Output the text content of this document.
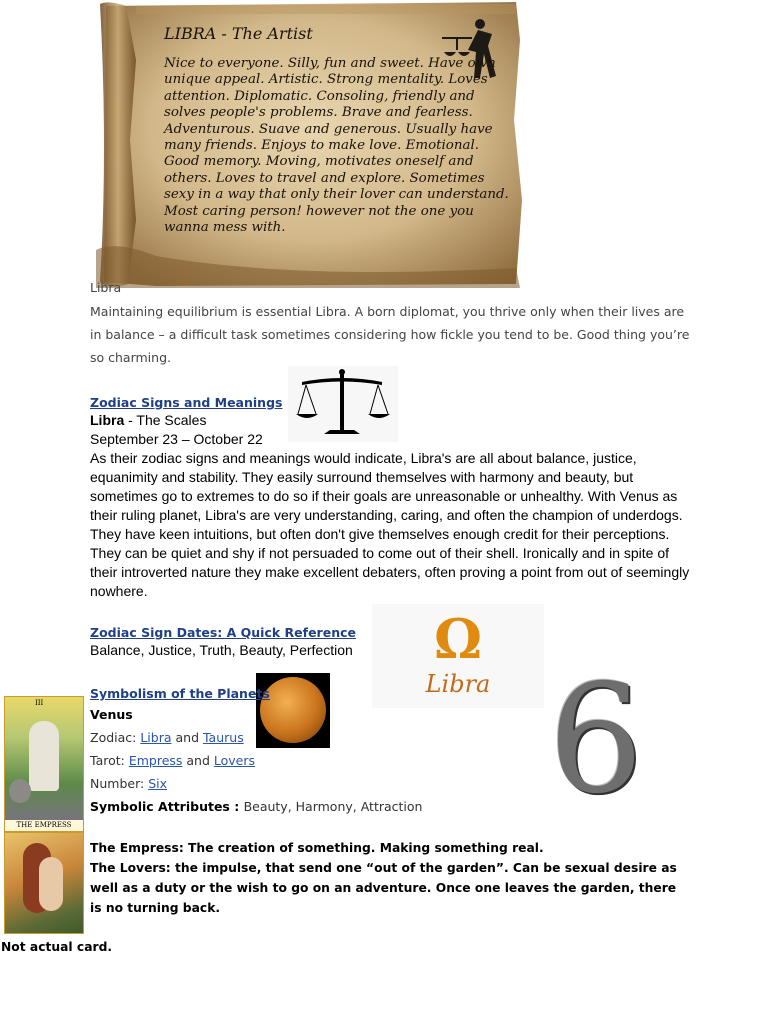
LIBRA - The Artist

Nice to everyone. Silly, fun and sweet. Have own unique appeal. Artistic. Strong mentality. Loves attention. Diplomatic. Consoling, friendly and solves people's problems. Brave and fearless. Adventurous. Suave and generous. Usually have many friends. Enjoys to make love. Emotional. Good memory. Moving, motivates oneself and others. Loves to travel and explore. Sometimes sexy in a way that only their lover can understand. Most caring person! however not the one you wanna mess with.

Libra
Maintaining equilibrium is essential Libra. A born diplomat, you thrive only when their lives are in balance – a difficult task sometimes considering how fickle you tend to be. Good thing you’re so charming.
Zodiac Signs and Meanings
Libra - The Scales
September 23 – October 22
As their zodiac signs and meanings would indicate, Libra's are all about balance, justice, equanimity and stability. They easily surround themselves with harmony and beauty, but sometimes go to extremes to do so if their goals are unreasonable or unhealthy. With Venus as their ruling planet, Libra's are very understanding, caring, and often the champion of underdogs. They have keen intuitions, but often don't give themselves enough credit for their perceptions. They can be quiet and shy if not persuaded to come out of their shell. Ironically and in spite of their introverted nature they make excellent debaters, often proving a point from out of seemingly nowhere.
Ω
Libra
Zodiac Sign Dates: A Quick Reference
Balance, Justice, Truth, Beauty, Perfection
6
III
THE EMPRESS
Symbolism of the Planets
Venus
Zodiac: Libra and Taurus
Tarot: Empress and Lovers
Number: Six
Symbolic Attributes : Beauty, Harmony, Attraction
The Empress: The creation of something. Making something real.
The Lovers: the impulse, that send one “out of the garden”. Can be sexual desire as well as a duty or the wish to go on an adventure. Once one leaves the garden, there is no turning back.
Not actual card.
